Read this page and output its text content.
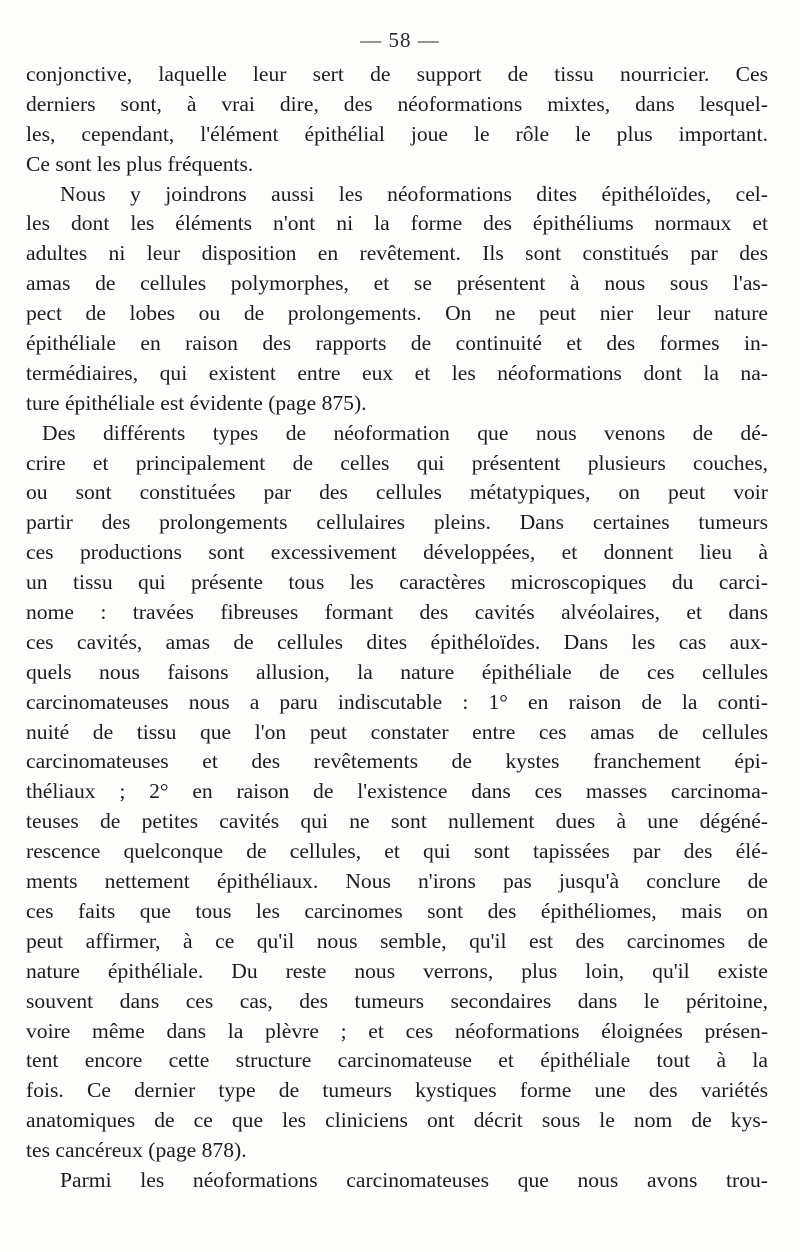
— 58 —
conjonctive, laquelle leur sert de support de tissu nourricier. Ces
derniers sont, à vrai dire, des néoformations mixtes, dans lesquel-
les, cependant, l'élément épithélial joue le rôle le plus important.
Ce sont les plus fréquents.
Nous y joindrons aussi les néoformations dites épithéloïdes, cel-
les dont les éléments n'ont ni la forme des épithéliums normaux et
adultes ni leur disposition en revêtement. Ils sont constitués par des
amas de cellules polymorphes, et se présentent à nous sous l'as-
pect de lobes ou de prolongements. On ne peut nier leur nature
épithéliale en raison des rapports de continuité et des formes in-
termédiaires, qui existent entre eux et les néoformations dont la na-
ture épithéliale est évidente (page 875).
Des différents types de néoformation que nous venons de dé-
crire et principalement de celles qui présentent plusieurs couches,
ou sont constituées par des cellules métatypiques, on peut voir
partir des prolongements cellulaires pleins. Dans certaines tumeurs
ces productions sont excessivement développées, et donnent lieu à
un tissu qui présente tous les caractères microscopiques du carci-
nome : travées fibreuses formant des cavités alvéolaires, et dans
ces cavités, amas de cellules dites épithéloïdes. Dans les cas aux-
quels nous faisons allusion, la nature épithéliale de ces cellules
carcinomateuses nous a paru indiscutable : 1° en raison de la conti-
nuité de tissu que l'on peut constater entre ces amas de cellules
carcinomateuses et des revêtements de kystes franchement épi-
théliaux ; 2° en raison de l'existence dans ces masses carcinoma-
teuses de petites cavités qui ne sont nullement dues à une dégéné-
rescence quelconque de cellules, et qui sont tapissées par des élé-
ments nettement épithéliaux. Nous n'irons pas jusqu'à conclure de
ces faits que tous les carcinomes sont des épithéliomes, mais on
peut affirmer, à ce qu'il nous semble, qu'il est des carcinomes de
nature épithéliale. Du reste nous verrons, plus loin, qu'il existe
souvent dans ces cas, des tumeurs secondaires dans le péritoine,
voire même dans la plèvre ; et ces néoformations éloignées présen-
tent encore cette structure carcinomateuse et épithéliale tout à la
fois. Ce dernier type de tumeurs kystiques forme une des variétés
anatomiques de ce que les cliniciens ont décrit sous le nom de kys-
tes cancéreux (page 878).
Parmi les néoformations carcinomateuses que nous avons trou-
